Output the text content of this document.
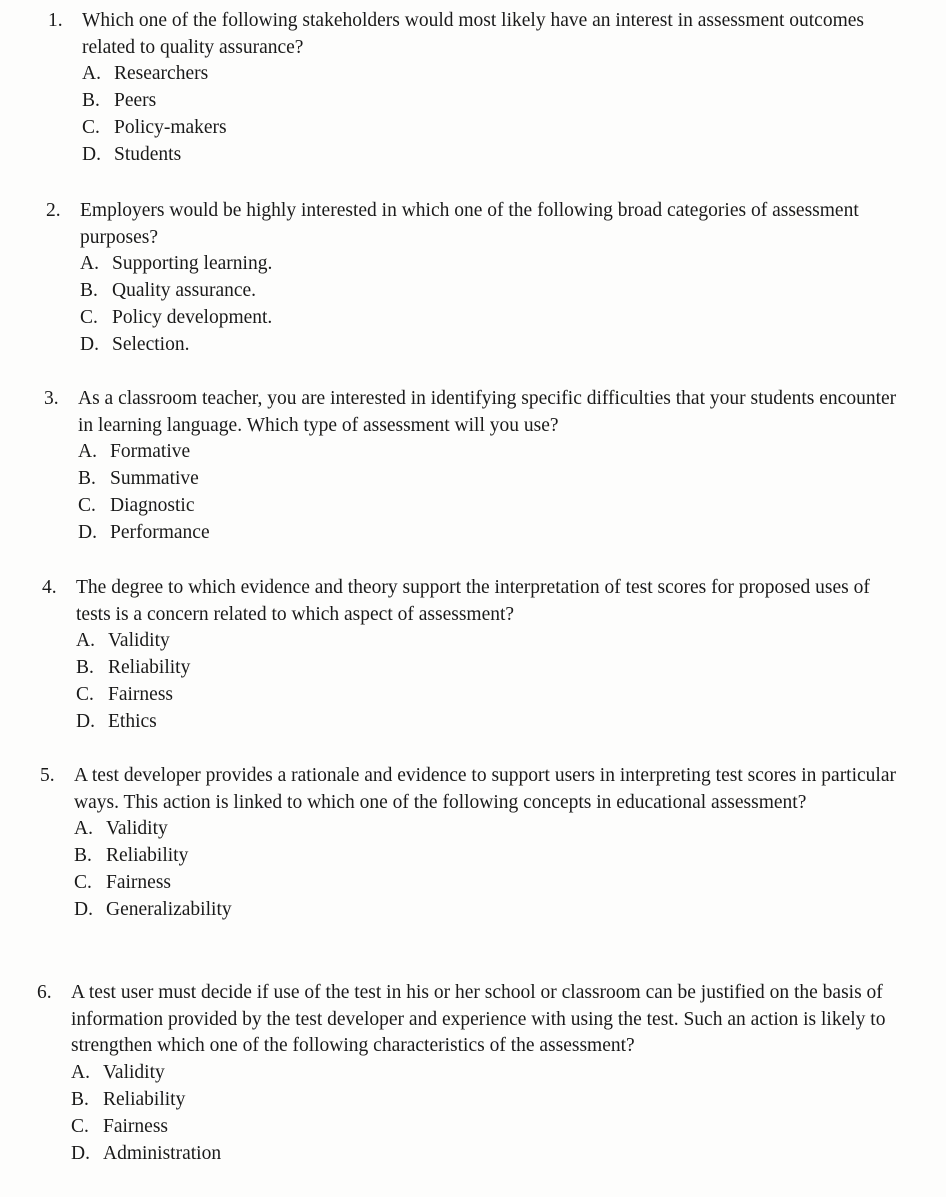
1. Which one of the following stakeholders would most likely have an interest in assessment outcomes related to quality assurance?
A. Researchers
B. Peers
C. Policy-makers
D. Students
2. Employers would be highly interested in which one of the following broad categories of assessment purposes?
A. Supporting learning.
B. Quality assurance.
C. Policy development.
D. Selection.
3. As a classroom teacher, you are interested in identifying specific difficulties that your students encounter in learning language. Which type of assessment will you use?
A. Formative
B. Summative
C. Diagnostic
D. Performance
4. The degree to which evidence and theory support the interpretation of test scores for proposed uses of tests is a concern related to which aspect of assessment?
A. Validity
B. Reliability
C. Fairness
D. Ethics
5. A test developer provides a rationale and evidence to support users in interpreting test scores in particular ways. This action is linked to which one of the following concepts in educational assessment?
A. Validity
B. Reliability
C. Fairness
D. Generalizability
6. A test user must decide if use of the test in his or her school or classroom can be justified on the basis of information provided by the test developer and experience with using the test. Such an action is likely to strengthen which one of the following characteristics of the assessment?
A. Validity
B. Reliability
C. Fairness
D. Administration
